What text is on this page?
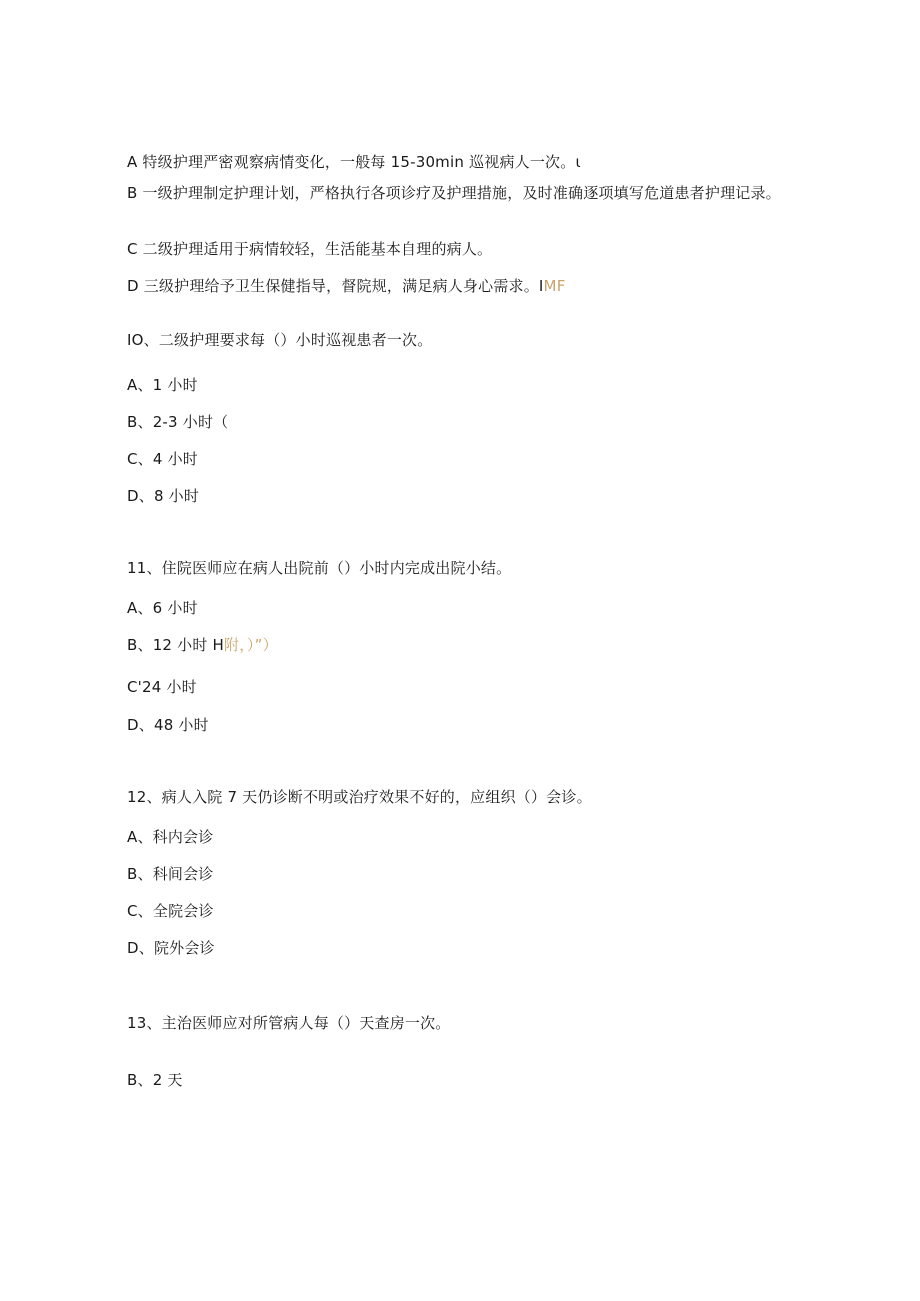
A 特级护理严密观察病情变化，一般每 15-30min 巡视病人一次。ι
B 一级护理制定护理计划，严格执行各项诊疗及护理措施，及时准确逐项填写危道患者护理记录。
C 二级护理适用于病情较轻，生活能基本自理的病人。
D 三级护理给予卫生保健指导，督院规，满足病人身心需求。IMF
IO、二级护理要求每（）小时巡视患者一次。
A、1 小时
B、2-3 小时（
C、4 小时
D、8 小时
11、住院医师应在病人出院前（）小时内完成出院小结。
A、6 小时
B、12 小时 H附，）”）
C'24 小时
D、48 小时
12、病人入院 7 天仍诊断不明或治疗效果不好的，应组织（）会诊。
A、科内会诊
B、科间会诊
C、全院会诊
D、院外会诊
13、主治医师应对所管病人每（）天查房一次。
B、2 天
